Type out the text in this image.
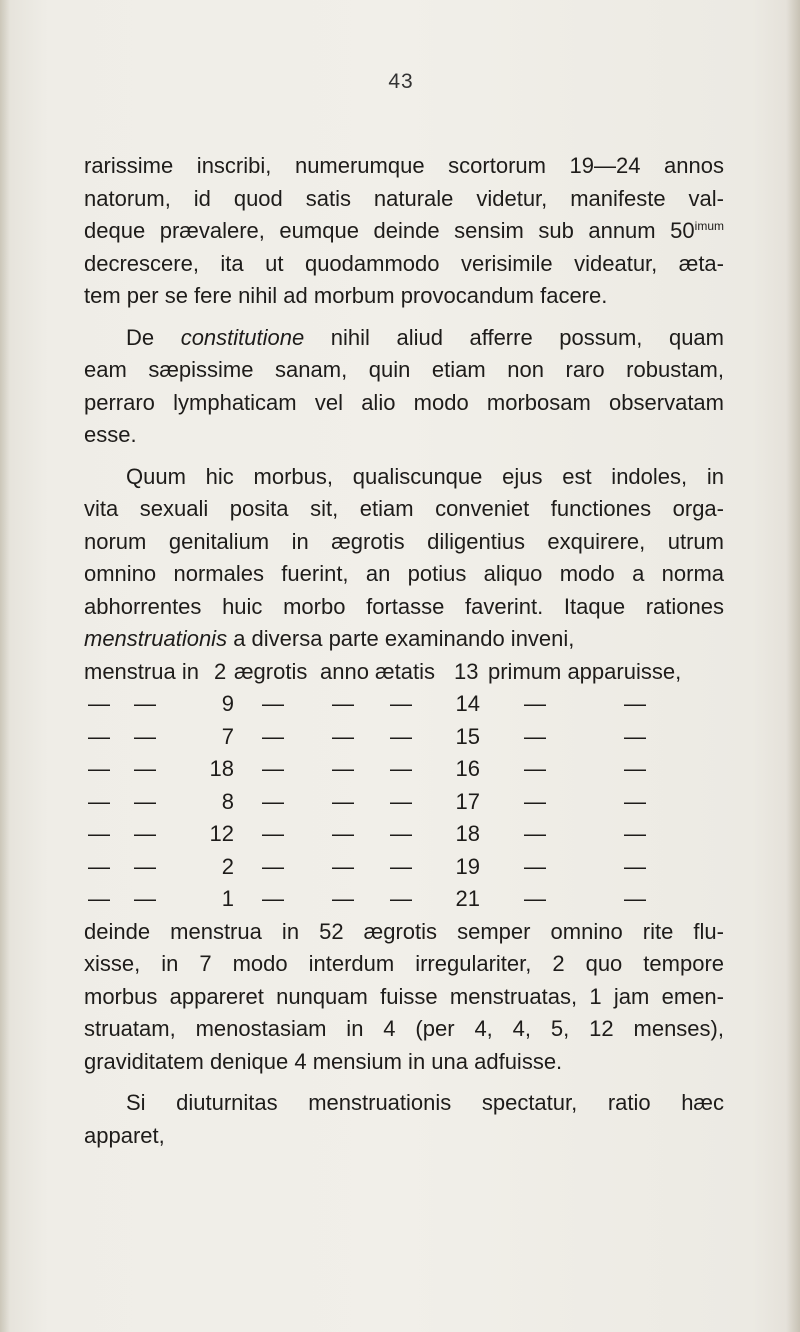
43
rarissime inscribi, numerumque scortorum 19—24 annos
natorum, id quod satis naturale videtur, manifeste val-
deque prævalere, eumque deinde sensim sub annum $50^{imum}$
decrescere, ita ut quodammodo verisimile videatur, æta-
tem per se fere nihil ad morbum provocandum facere.
De constitutione nihil aliud afferre possum, quam
eam sæpissime sanam, quin etiam non raro robustam,
perraro lymphaticam vel alio modo morbosam observatam
esse.
Quum hic morbus, qualiscunque ejus est indoles, in
vita sexuali posita sit, etiam conveniet functiones orga-
norum genitalium in ægrotis diligentius exquirere, utrum
omnino normales fuerint, an potius aliquo modo a norma
abhorrentes huic morbo fortasse faverint. Itaque rationes
menstruationis a diversa parte examinando inveni,
menstrua in 2 ægrotis anno ætatis 13 primum apparuisse,
— —	9 — — —	14 —	—
— —	7 — — —	15 —	—
— — 18 — — —	16 —	—
— —	8 — — —	17 —	—
— — 12 — — —	18 —	—
— —	2 — — —	19 —	—
— —	1 — — —	21 —	—
deinde menstrua in 52 ægrotis semper omnino rite flu-
xisse, in 7 modo interdum irregulariter, 2 quo tempore
morbus appareret nunquam fuisse menstruatas, 1 jam emen-
struatam, menostasiam in 4 (per 4, 4, 5, 12 menses),
graviditatem denique 4 mensium in una adfuisse.
Si diuturnitas menstruationis spectatur, ratio hæc
apparet,
